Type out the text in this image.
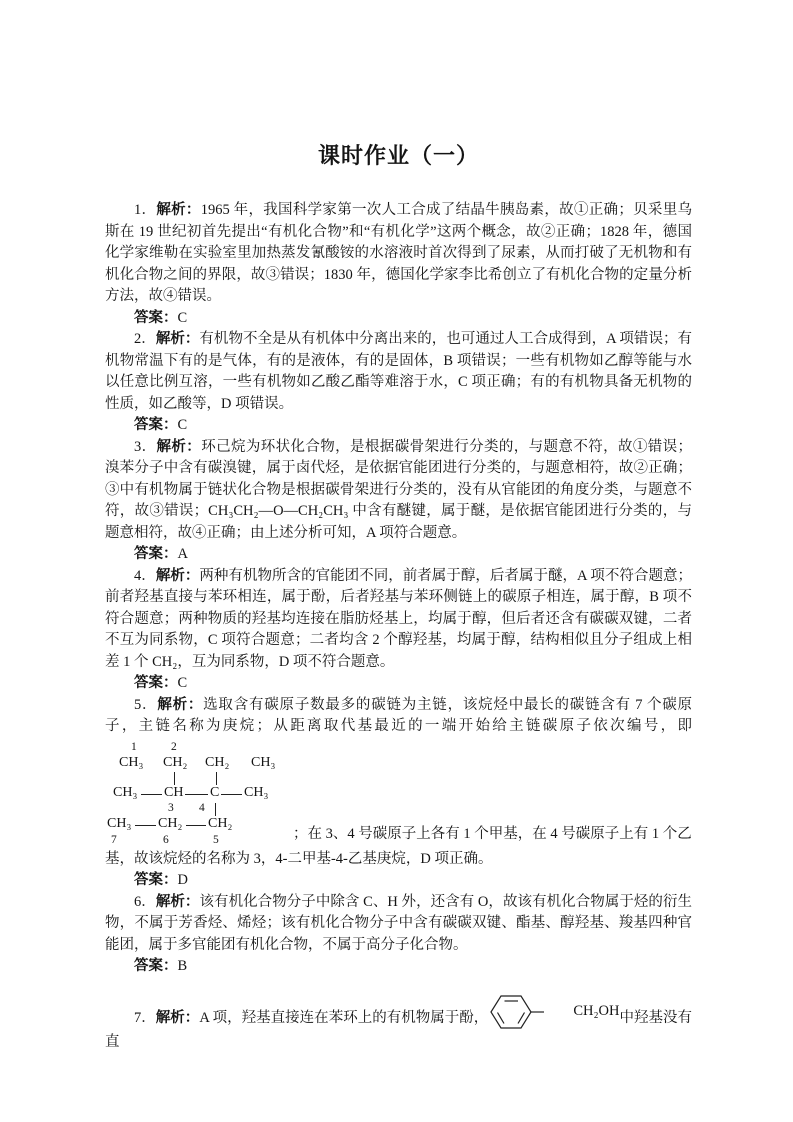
课时作业（一）

1．解析：1965 年，我国科学家第一次人工合成了结晶牛胰岛素，故①正确；贝采里乌斯在 19 世纪初首先提出“有机化合物”和“有机化学”这两个概念，故②正确；1828 年，德国化学家维勒在实验室里加热蒸发氰酸铵的水溶液时首次得到了尿素，从而打破了无机物和有机化合物之间的界限，故③错误；1830 年，德国化学家李比希创立了有机化合物的定量分析方法，故④错误。

答案：C

2．解析：有机物不全是从有机体中分离出来的，也可通过人工合成得到，A 项错误；有机物常温下有的是气体，有的是液体，有的是固体，B 项错误；一些有机物如乙醇等能与水以任意比例互溶，一些有机物如乙酸乙酯等难溶于水，C 项正确；有的有机物具备无机物的性质，如乙酸等，D 项错误。

答案：C

3．解析：环己烷为环状化合物，是根据碳骨架进行分类的，与题意不符，故①错误；溴苯分子中含有碳溴键，属于卤代烃，是依据官能团进行分类的，与题意相符，故②正确；③中有机物属于链状化合物是根据碳骨架进行分类的，没有从官能团的角度分类，与题意不符，故③错误；CH₃CH₂—O—CH₂CH₃ 中含有醚键，属于醚，是依据官能团进行分类的，与题意相符，故④正确；由上述分析可知，A 项符合题意。

答案：A

4．解析：两种有机物所含的官能团不同，前者属于醇，后者属于醚，A 项不符合题意；前者羟基直接与苯环相连，属于酚，后者羟基与苯环侧链上的碳原子相连，属于醇，B 项不符合题意；两种物质的羟基均连接在脂肪烃基上，均属于醇，但后者还含有碳碳双键，二者不互为同系物，C 项符合题意；二者均含 2 个醇羟基，均属于醇，结构相似且分子组成上相差 1 个 CH₂，互为同系物，D 项不符合题意。

答案：C

5．解析：选取含有碳原子数最多的碳链为主链，该烷烃中最长的碳链含有 7 个碳原子，主链名称为庚烷；从距离取代基最近的一端开始给主链碳原子依次编号，即

1	2
CH₃ CH₂ CH₂ CH₃
CH₃ CH C CH₃
3 4
CH₃ CH₂ CH₂
7	6	5	；在 3、4 号碳原子上各有 1 个甲基，在 4 号碳原子上有 1 个乙

基，故该烷烃的名称为 3，4-二甲基-4-乙基庚烷，D 项正确。

答案：D

6．解析：该有机化合物分子中除含 C、H 外，还含有 O，故该有机化合物属于烃的衍生物，不属于芳香烃、烯烃；该有机化合物分子中含有碳碳双键、酯基、醇羟基、羧基四种官能团，属于多官能团有机化合物，不属于高分子化合物。

答案：B

7．解析：A 项，羟基直接连在苯环上的有机物属于酚，	CH₂OH 中羟基没有直
